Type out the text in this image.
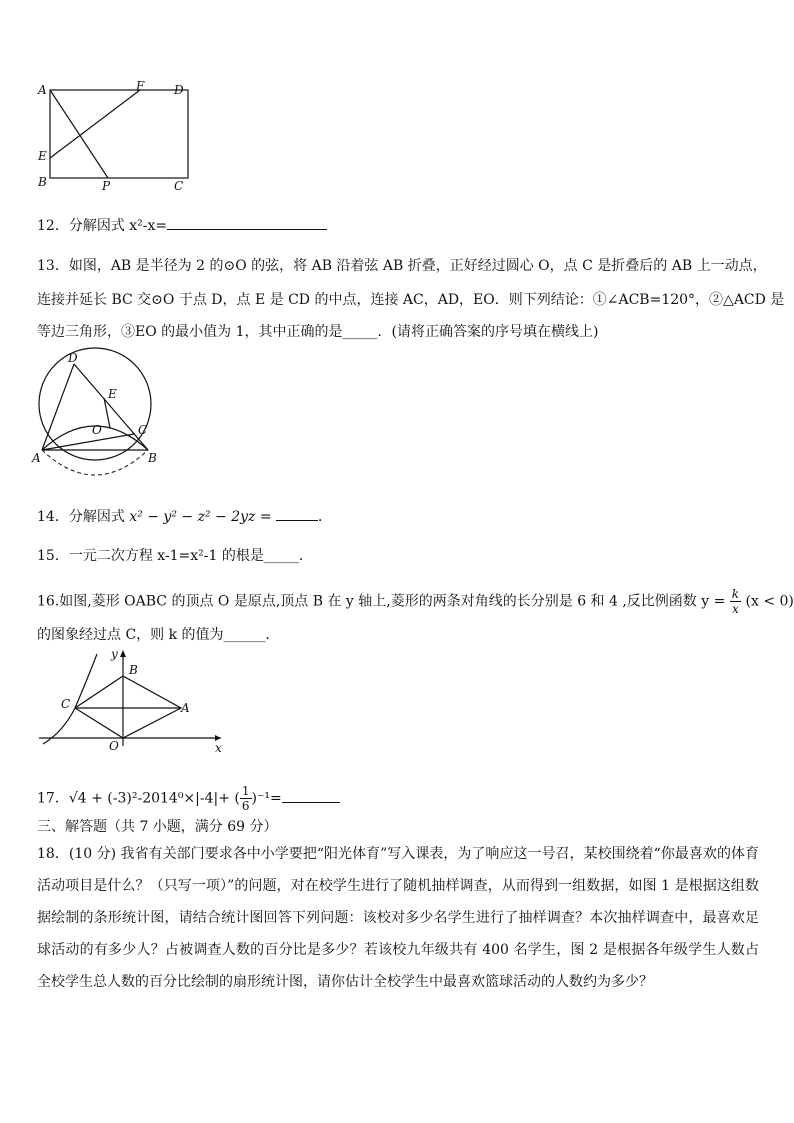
A	F D
E
B	P	C
12．分解因式 x²-x=
13．如图，AB 是半径为 2 的⊙O 的弦，将 AB 沿着弦 AB 折叠，正好经过圆心 O，点 C 是折叠后的 AB 上一动点，
连接并延长 BC 交⊙O 于点 D，点 E 是 CD 的中点，连接 AC，AD，EO．则下列结论：①∠ACB=120°，②△ACD 是
等边三角形，③EO 的最小值为 1，其中正确的是_____．(请将正确答案的序号填在横线上)
D
E
O	C
A	B
14．分解因式 x² − y² − z² − 2yz =	．
15．一元二次方程 x-1=x²-1 的根是_____．
16.如图,菱形 OABC 的顶点 O 是原点,顶点 B 在 y 轴上,菱形的两条对角线的长分别是 6 和 4 ,反比例函数 $y = \frac{k}{x} (x < 0)$
的图象经过点 C，则 k 的值为______．
y
B
C	A
O	x
17．√4 + (-3)²-2014⁰×|-4|+ ( $\frac{1}{6} )^{-1}=$
三、解答题（共 7 小题，满分 69 分）
18．(10 分) 我省有关部门要求各中小学要把“阳光体育”写入课表，为了响应这一号召，某校围绕着“你最喜欢的体育活动项目是什么？（只写一项）”的问题，对在校学生进行了随机抽样调查，从而得到一组数据，如图 1 是根据这组数据绘制的条形统计图，请结合统计图回答下列问题：该校对多少名学生进行了抽样调查？本次抽样调查中，最喜欢足球活动的有多少人？占被调查人数的百分比是多少？若该校九年级共有 400 名学生，图 2 是根据各年级学生人数占全校学生总人数的百分比绘制的扇形统计图，请你估计全校学生中最喜欢篮球活动的人数约为多少？
